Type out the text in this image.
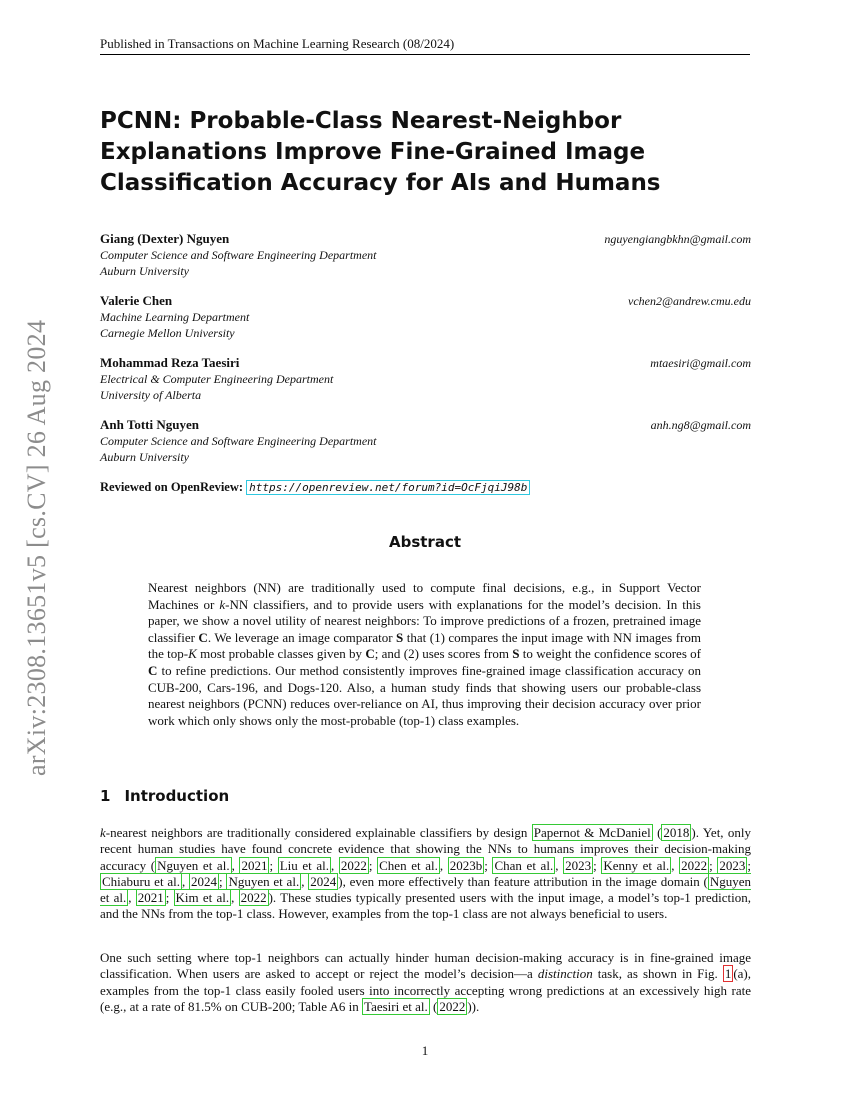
Published in Transactions on Machine Learning Research (08/2024)
arXiv:2308.13651v5 [cs.CV] 26 Aug 2024
PCNN: Probable-Class Nearest-Neighbor Explanations Improve Fine-Grained Image Classification Accuracy for AIs and Humans
Giang (Dexter) Nguyen	nguyengiangbkhn@gmail.com
Computer Science and Software Engineering Department
Auburn University
Valerie Chen	vchen2@andrew.cmu.edu
Machine Learning Department
Carnegie Mellon University
Mohammad Reza Taesiri	mtaesiri@gmail.com
Electrical & Computer Engineering Department
University of Alberta
Anh Totti Nguyen	anh.ng8@gmail.com
Computer Science and Software Engineering Department
Auburn University
Reviewed on OpenReview: https://openreview.net/forum?id=OcFjqiJ98b
Abstract

Nearest neighbors (NN) are traditionally used to compute final decisions, e.g., in Support Vector Machines or k-NN classifiers, and to provide users with explanations for the model’s decision. In this paper, we show a novel utility of nearest neighbors: To improve predictions of a frozen, pretrained image classifier C. We leverage an image comparator S that (1) compares the input image with NN images from the top-K most probable classes given by C; and (2) uses scores from S to weight the confidence scores of C to refine predictions. Our method consistently improves fine-grained image classification accuracy on CUB-200, Cars-196, and Dogs-120. Also, a human study finds that showing users our probable-class nearest neighbors (PCNN) reduces over-reliance on AI, thus improving their decision accuracy over prior work which only shows only the most-probable (top-1) class examples.

1 Introduction

k-nearest neighbors are traditionally considered explainable classifiers by design Papernot & McDaniel ( 2018 ). Yet, only recent human studies have found concrete evidence that showing the NNs to humans improves their decision-making accuracy ( Nguyen et al. , 2021 ; Liu et al. , 2022 ; Chen et al. , 2023b ; Chan et al. , 2023 ; Kenny et al. , 2022 ; 2023 ; Chiaburu et al. , 2024 ; Nguyen et al. , 2024 ), even more effectively than feature attribution in the image domain ( Nguyen et al. , 2021 ; Kim et al. , 2022 ). These studies typically presented users with the input image, a model’s top-1 prediction, and the NNs from the top-1 class. However, examples from the top-1 class are not always beneficial to users.

One such setting where top-1 neighbors can actually hinder human decision-making accuracy is in fine-grained image classification. When users are asked to accept or reject the model’s decision—a distinction task, as shown in Fig. 1 (a), examples from the top-1 class easily fooled users into incorrectly accepting wrong predictions at an excessively high rate (e.g., at a rate of 81.5% on CUB-200; Table A6 in Taesiri et al. ( 2022 )).

1
